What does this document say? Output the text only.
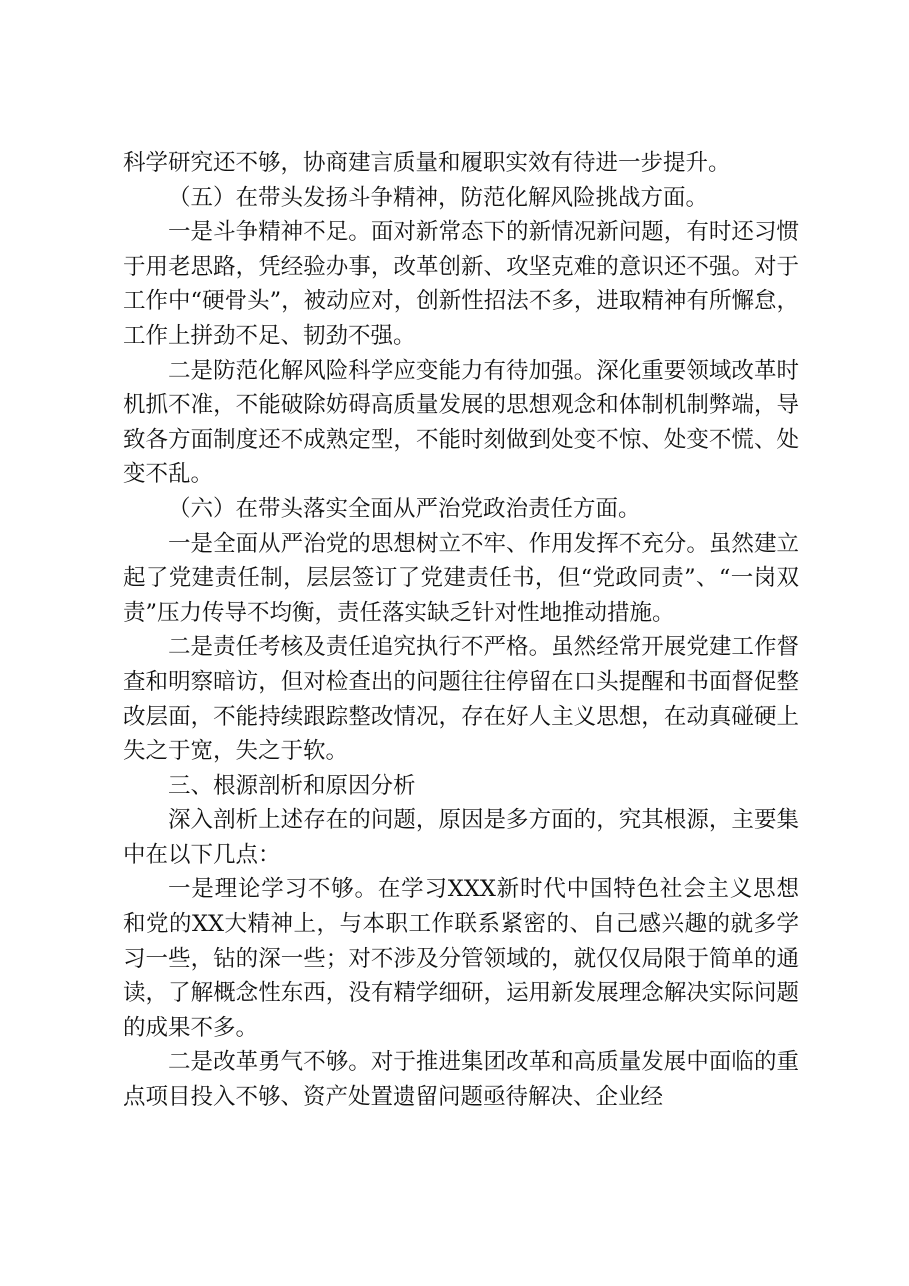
科学研究还不够，协商建言质量和履职实效有待进一步提升。

（五）在带头发扬斗争精神，防范化解风险挑战方面。

一是斗争精神不足。面对新常态下的新情况新问题，有时还习惯于用老思路，凭经验办事，改革创新、攻坚克难的意识还不强。对于工作中“硬骨头”，被动应对，创新性招法不多，进取精神有所懈怠，工作上拼劲不足、韧劲不强。

二是防范化解风险科学应变能力有待加强。深化重要领域改革时机抓不准，不能破除妨碍高质量发展的思想观念和体制机制弊端，导致各方面制度还不成熟定型，不能时刻做到处变不惊、处变不慌、处变不乱。

（六）在带头落实全面从严治党政治责任方面。

一是全面从严治党的思想树立不牢、作用发挥不充分。虽然建立起了党建责任制，层层签订了党建责任书，但“党政同责”、“一岗双责”压力传导不均衡，责任落实缺乏针对性地推动措施。

二是责任考核及责任追究执行不严格。虽然经常开展党建工作督查和明察暗访，但对检查出的问题往往停留在口头提醒和书面督促整改层面，不能持续跟踪整改情况，存在好人主义思想，在动真碰硬上失之于宽，失之于软。

三、根源剖析和原因分析

深入剖析上述存在的问题，原因是多方面的，究其根源，主要集中在以下几点：

一是理论学习不够。在学习XXX新时代中国特色社会主义思想和党的XX大精神上，与本职工作联系紧密的、自己感兴趣的就多学习一些，钻的深一些；对不涉及分管领域的，就仅仅局限于简单的通读，了解概念性东西，没有精学细研，运用新发展理念解决实际问题的成果不多。

二是改革勇气不够。对于推进集团改革和高质量发展中面临的重点项目投入不够、资产处置遗留问题亟待解决、企业经
